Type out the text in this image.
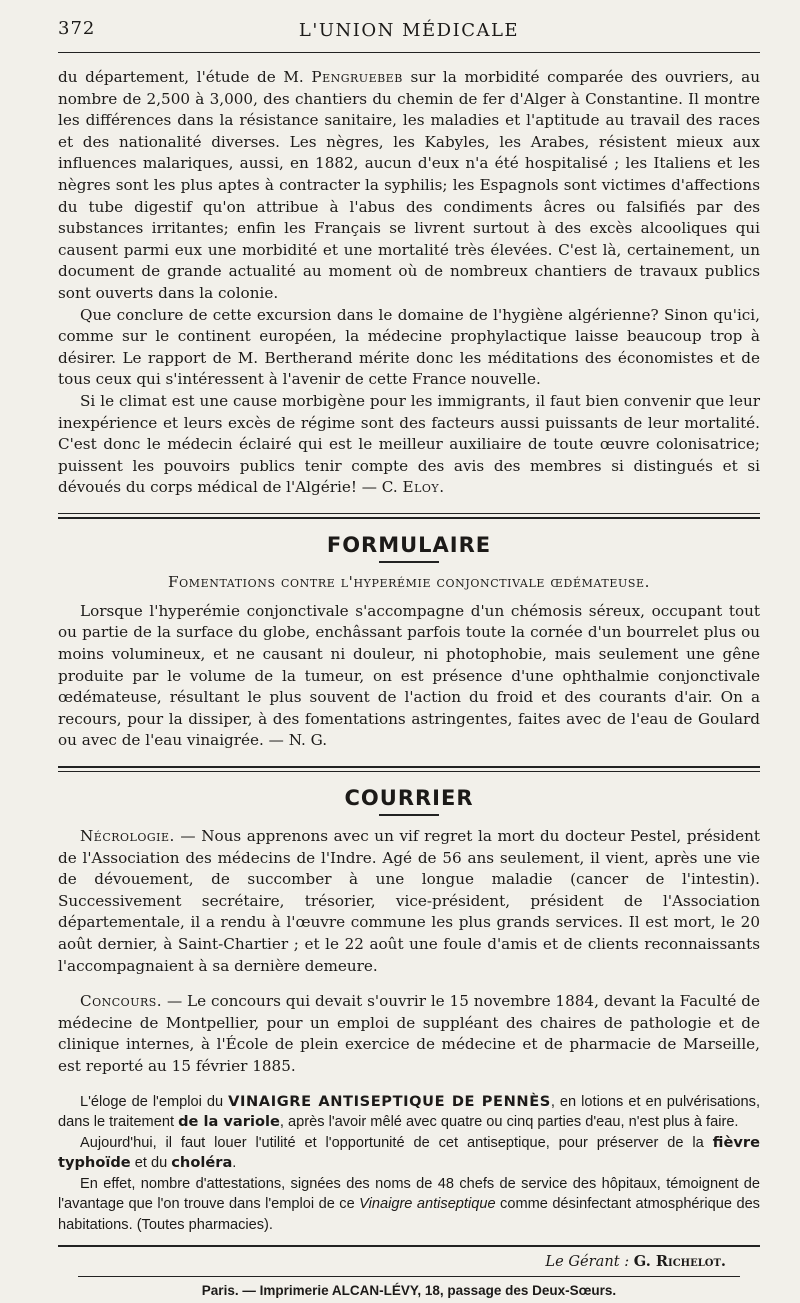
372	L'UNION MÉDICALE

du département, l'étude de M. Pengruebeb sur la morbidité comparée des ouvriers, au nombre de 2,500 à 3,000, des chantiers du chemin de fer d'Alger à Constantine. Il montre les différences dans la résistance sanitaire, les maladies et l'aptitude au travail des races et des nationalité diverses. Les nègres, les Kabyles, les Arabes, résistent mieux aux influences malariques, aussi, en 1882, aucun d'eux n'a été hospitalisé ; les Italiens et les nègres sont les plus aptes à contracter la syphilis; les Espagnols sont victimes d'affections du tube digestif qu'on attribue à l'abus des condiments âcres ou falsifiés par des substances irritantes; enfin les Français se livrent surtout à des excès alcooliques qui causent parmi eux une morbidité et une mortalité très élevées. C'est là, certainement, un document de grande actualité au moment où de nombreux chantiers de travaux publics sont ouverts dans la colonie.

Que conclure de cette excursion dans le domaine de l'hygiène algérienne? Sinon qu'ici, comme sur le continent européen, la médecine prophylactique laisse beaucoup trop à désirer. Le rapport de M. Bertherand mérite donc les méditations des économistes et de tous ceux qui s'intéressent à l'avenir de cette France nouvelle.

Si le climat est une cause morbigène pour les immigrants, il faut bien convenir que leur inexpérience et leurs excès de régime sont des facteurs aussi puissants de leur mortalité. C'est donc le médecin éclairé qui est le meilleur auxiliaire de toute œuvre colonisatrice; puissent les pouvoirs publics tenir compte des avis des membres si distingués et si dévoués du corps médical de l'Algérie! — C. Eloy.

FORMULAIRE
Fomentations contre l'hyperémie conjonctivale œdémateuse.

Lorsque l'hyperémie conjonctivale s'accompagne d'un chémosis séreux, occupant tout ou partie de la surface du globe, enchâssant parfois toute la cornée d'un bourrelet plus ou moins volumineux, et ne causant ni douleur, ni photophobie, mais seulement une gêne produite par le volume de la tumeur, on est présence d'une ophthalmie conjonctivale œdémateuse, résultant le plus souvent de l'action du froid et des courants d'air. On a recours, pour la dissiper, à des fomentations astringentes, faites avec de l'eau de Goulard ou avec de l'eau vinaigrée. — N. G.

COURRIER

Nécrologie. — Nous apprenons avec un vif regret la mort du docteur Pestel, président de l'Association des médecins de l'Indre. Agé de 56 ans seulement, il vient, après une vie de dévouement, de succomber à une longue maladie (cancer de l'intestin). Successivement secrétaire, trésorier, vice-président, président de l'Association départementale, il a rendu à l'œuvre commune les plus grands services. Il est mort, le 20 août dernier, à Saint-Chartier ; et le 22 août une foule d'amis et de clients reconnaissants l'accompagnaient à sa dernière demeure.

Concours. — Le concours qui devait s'ouvrir le 15 novembre 1884, devant la Faculté de médecine de Montpellier, pour un emploi de suppléant des chaires de pathologie et de clinique internes, à l'École de plein exercice de médecine et de pharmacie de Marseille, est reporté au 15 février 1885.

L'éloge de l'emploi du VINAIGRE ANTISEPTIQUE DE PENNÈS, en lotions et en pulvérisations, dans le traitement de la variole, après l'avoir mêlé avec quatre ou cinq parties d'eau, n'est plus à faire.

Aujourd'hui, il faut louer l'utilité et l'opportunité de cet antiseptique, pour préserver de la fièvre typhoïde et du choléra.

En effet, nombre d'attestations, signées des noms de 48 chefs de service des hôpitaux, témoignent de l'avantage que l'on trouve dans l'emploi de ce Vinaigre antiseptique comme désinfectant atmosphérique des habitations. (Toutes pharmacies).

Le Gérant : G. Richelot.
Paris. — Imprimerie ALCAN-LÉVY, 18, passage des Deux-Sœurs.
